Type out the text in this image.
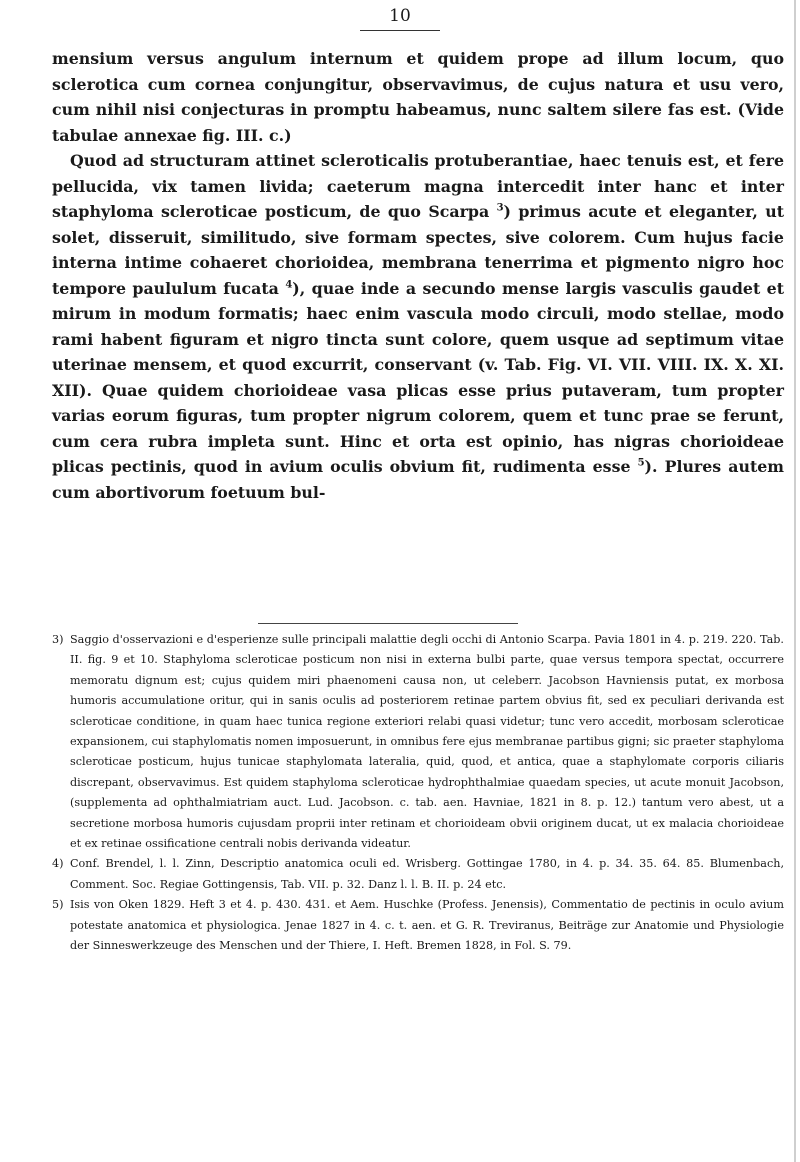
10

mensium versus angulum internum et quidem prope ad illum locum, quo sclerotica cum cornea conjungitur, observavimus, de cujus natura et usu vero, cum nihil nisi conjecturas in promptu habeamus, nunc saltem silere fas est. (Vide tabulae annexae fig. III. c.)

Quod ad structuram attinet scleroticalis protuberantiae, haec tenuis est, et fere pellucida, vix tamen livida; caeterum magna intercedit inter hanc et inter staphyloma scleroticae posticum, de quo Scarpa $^3$) primus acute et eleganter, ut solet, disseruit, similitudo, sive formam spectes, sive colorem. Cum hujus facie interna intime cohaeret chorioidea, membrana tenerrima et pigmento nigro hoc tempore paululum fucata $^4$), quae inde a secundo mense largis vasculis gaudet et mirum in modum formatis; haec enim vascula modo circuli, modo stellae, modo rami habent figuram et nigro tincta sunt colore, quem usque ad septimum vitae uterinae mensem, et quod excurrit, conservant (v. Tab. Fig. VI. VII. VIII. IX. X. XI. XII). Quae quidem chorioideae vasa plicas esse prius putaveram, tum propter varias eorum figuras, tum propter nigrum colorem, quem et tunc prae se ferunt, cum cera rubra impleta sunt. Hinc et orta est opinio, has nigras chorioideae plicas pectinis, quod in avium oculis obvium fit, rudimenta esse $^5$). Plures autem cum abortivorum foetuum bul-

3) Saggio d'osservazioni e d'esperienze sulle principali malattie degli occhi di Antonio Scarpa. Pavia 1801 in 4. p. 219. 220. Tab. II. fig. 9 et 10. Staphyloma scleroticae posticum non nisi in externa bulbi parte, quae versus tempora spectat, occurrere memoratu dignum est; cujus quidem miri phaenomeni causa non, ut celeberr. Jacobson Havniensis putat, ex morbosa humoris accumulatione oritur, qui in sanis oculis ad posteriorem retinae partem obvius fit, sed ex peculiari derivanda est scleroticae conditione, in quam haec tunica regione exteriori relabi quasi videtur; tunc vero accedit, morbosam scleroticae expansionem, cui staphylomatis nomen imposuerunt, in omnibus fere ejus membranae partibus gigni; sic praeter staphyloma scleroticae posticum, hujus tunicae staphylomata lateralia, quid, quod, et antica, quae a staphylomate corporis ciliaris discrepant, observavimus. Est quidem staphyloma scleroticae hydrophthalmiae quaedam species, ut acute monuit Jacobson, (supplementa ad ophthalmiatriam auct. Lud. Jacobson. c. tab. aen. Havniae, 1821 in 8. p. 12.) tantum vero abest, ut a secretione morbosa humoris cujusdam proprii inter retinam et chorioideam obvii originem ducat, ut ex malacia chorioideae et ex retinae ossificatione centrali nobis derivanda videatur.

4) Conf. Brendel, l. l. Zinn, Descriptio anatomica oculi ed. Wrisberg. Gottingae 1780, in 4. p. 34. 35. 64. 85. Blumenbach, Comment. Soc. Regiae Gottingensis, Tab. VII. p. 32. Danz l. l. B. II. p. 24 etc.

5) Isis von Oken 1829. Heft 3 et 4. p. 430. 431. et Aem. Huschke (Profess. Jenensis), Commentatio de pectinis in oculo avium potestate anatomica et physiologica. Jenae 1827 in 4. c. t. aen. et G. R. Treviranus, Beiträge zur Anatomie und Physiologie der Sinneswerkzeuge des Menschen und der Thiere, I. Heft. Bremen 1828, in Fol. S. 79.
